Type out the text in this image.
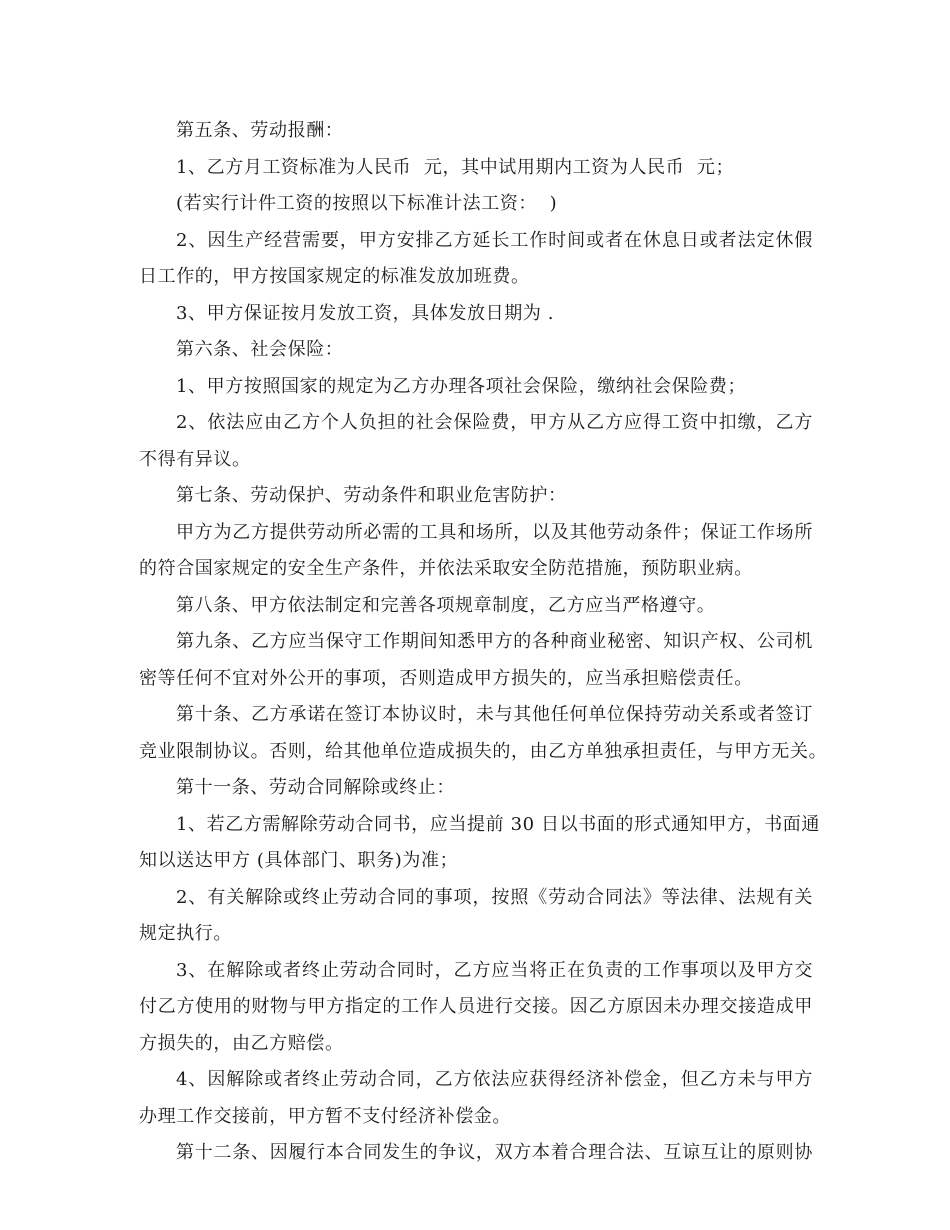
第五条、劳动报酬：
1、乙方月工资标准为人民币  元，其中试用期内工资为人民币  元；
(若实行计件工资的按照以下标准计法工资：  )
2、因生产经营需要，甲方安排乙方延长工作时间或者在休息日或者法定休假
日工作的，甲方按国家规定的标准发放加班费。
3、甲方保证按月发放工资，具体发放日期为 .
第六条、社会保险：
1、甲方按照国家的规定为乙方办理各项社会保险，缴纳社会保险费；
2、依法应由乙方个人负担的社会保险费，甲方从乙方应得工资中扣缴，乙方
不得有异议。
第七条、劳动保护、劳动条件和职业危害防护：
甲方为乙方提供劳动所必需的工具和场所，以及其他劳动条件；保证工作场所
的符合国家规定的安全生产条件，并依法采取安全防范措施，预防职业病。
第八条、甲方依法制定和完善各项规章制度，乙方应当严格遵守。
第九条、乙方应当保守工作期间知悉甲方的各种商业秘密、知识产权、公司机
密等任何不宜对外公开的事项，否则造成甲方损失的，应当承担赔偿责任。
第十条、乙方承诺在签订本协议时，未与其他任何单位保持劳动关系或者签订
竞业限制协议。否则，给其他单位造成损失的，由乙方单独承担责任，与甲方无关。
第十一条、劳动合同解除或终止：
1、若乙方需解除劳动合同书，应当提前 30 日以书面的形式通知甲方，书面通
知以送达甲方 (具体部门、职务)为准；
2、有关解除或终止劳动合同的事项，按照《劳动合同法》等法律、法规有关
规定执行。
3、在解除或者终止劳动合同时，乙方应当将正在负责的工作事项以及甲方交
付乙方使用的财物与甲方指定的工作人员进行交接。因乙方原因未办理交接造成甲
方损失的，由乙方赔偿。
4、因解除或者终止劳动合同，乙方依法应获得经济补偿金，但乙方未与甲方
办理工作交接前，甲方暂不支付经济补偿金。
第十二条、因履行本合同发生的争议，双方本着合理合法、互谅互让的原则协
